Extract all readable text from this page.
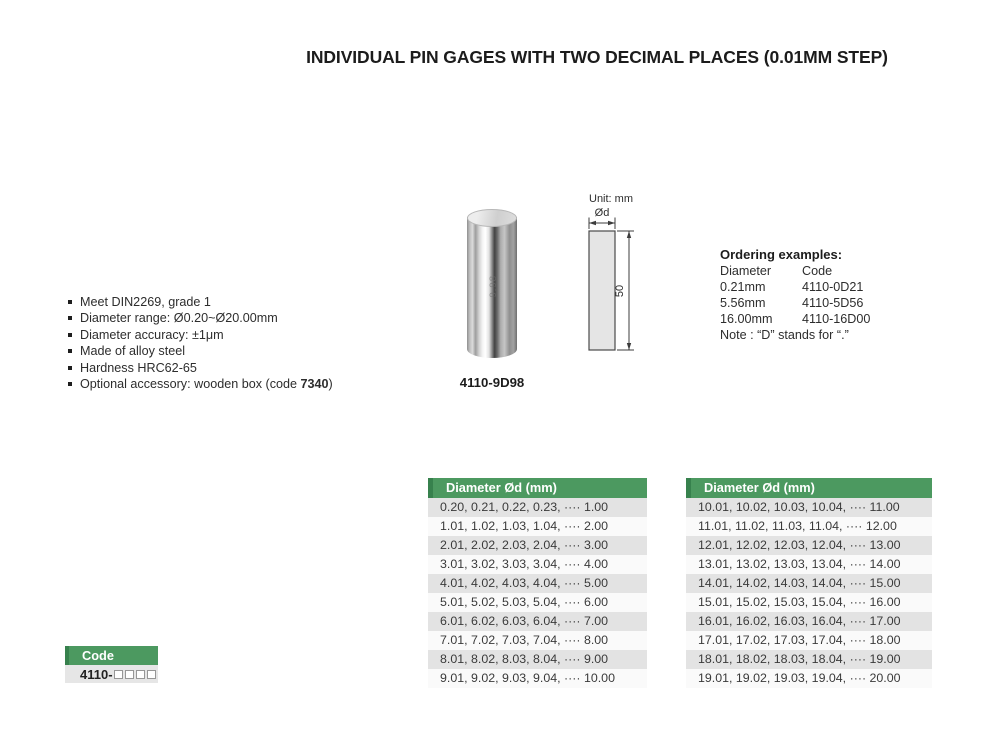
INDIVIDUAL PIN GAGES WITH TWO DECIMAL PLACES (0.01MM STEP)
Meet DIN2269, grade 1
Diameter range: Ø0.20~Ø20.00mm
Diameter accuracy: ±1μm
Made of alloy steel
Hardness HRC62-65
Optional accessory: wooden box (code 7340)
9.98

4110-9D98

Unit: mm
Ød
50
Ordering examples:
Diameter	Code
0.21mm	4110-0D21
5.56mm	4110-5D56
16.00mm	4110-16D00
Note : “D” stands for “.”
Diameter Ød (mm)
0.20, 0.21, 0.22, 0.23, ···· 1.00
1.01, 1.02, 1.03, 1.04, ···· 2.00
2.01, 2.02, 2.03, 2.04, ···· 3.00
3.01, 3.02, 3.03, 3.04, ···· 4.00
4.01, 4.02, 4.03, 4.04, ···· 5.00
5.01, 5.02, 5.03, 5.04, ···· 6.00
6.01, 6.02, 6.03, 6.04, ···· 7.00
7.01, 7.02, 7.03, 7.04, ···· 8.00
8.01, 8.02, 8.03, 8.04, ···· 9.00
9.01, 9.02, 9.03, 9.04, ···· 10.00
Diameter Ød (mm)
10.01, 10.02, 10.03, 10.04, ···· 11.00
11.01, 11.02, 11.03, 11.04, ···· 12.00
12.01, 12.02, 12.03, 12.04, ···· 13.00
13.01, 13.02, 13.03, 13.04, ···· 14.00
14.01, 14.02, 14.03, 14.04, ···· 15.00
15.01, 15.02, 15.03, 15.04, ···· 16.00
16.01, 16.02, 16.03, 16.04, ···· 17.00
17.01, 17.02, 17.03, 17.04, ···· 18.00
18.01, 18.02, 18.03, 18.04, ···· 19.00
19.01, 19.02, 19.03, 19.04, ···· 20.00
Code
4110-
